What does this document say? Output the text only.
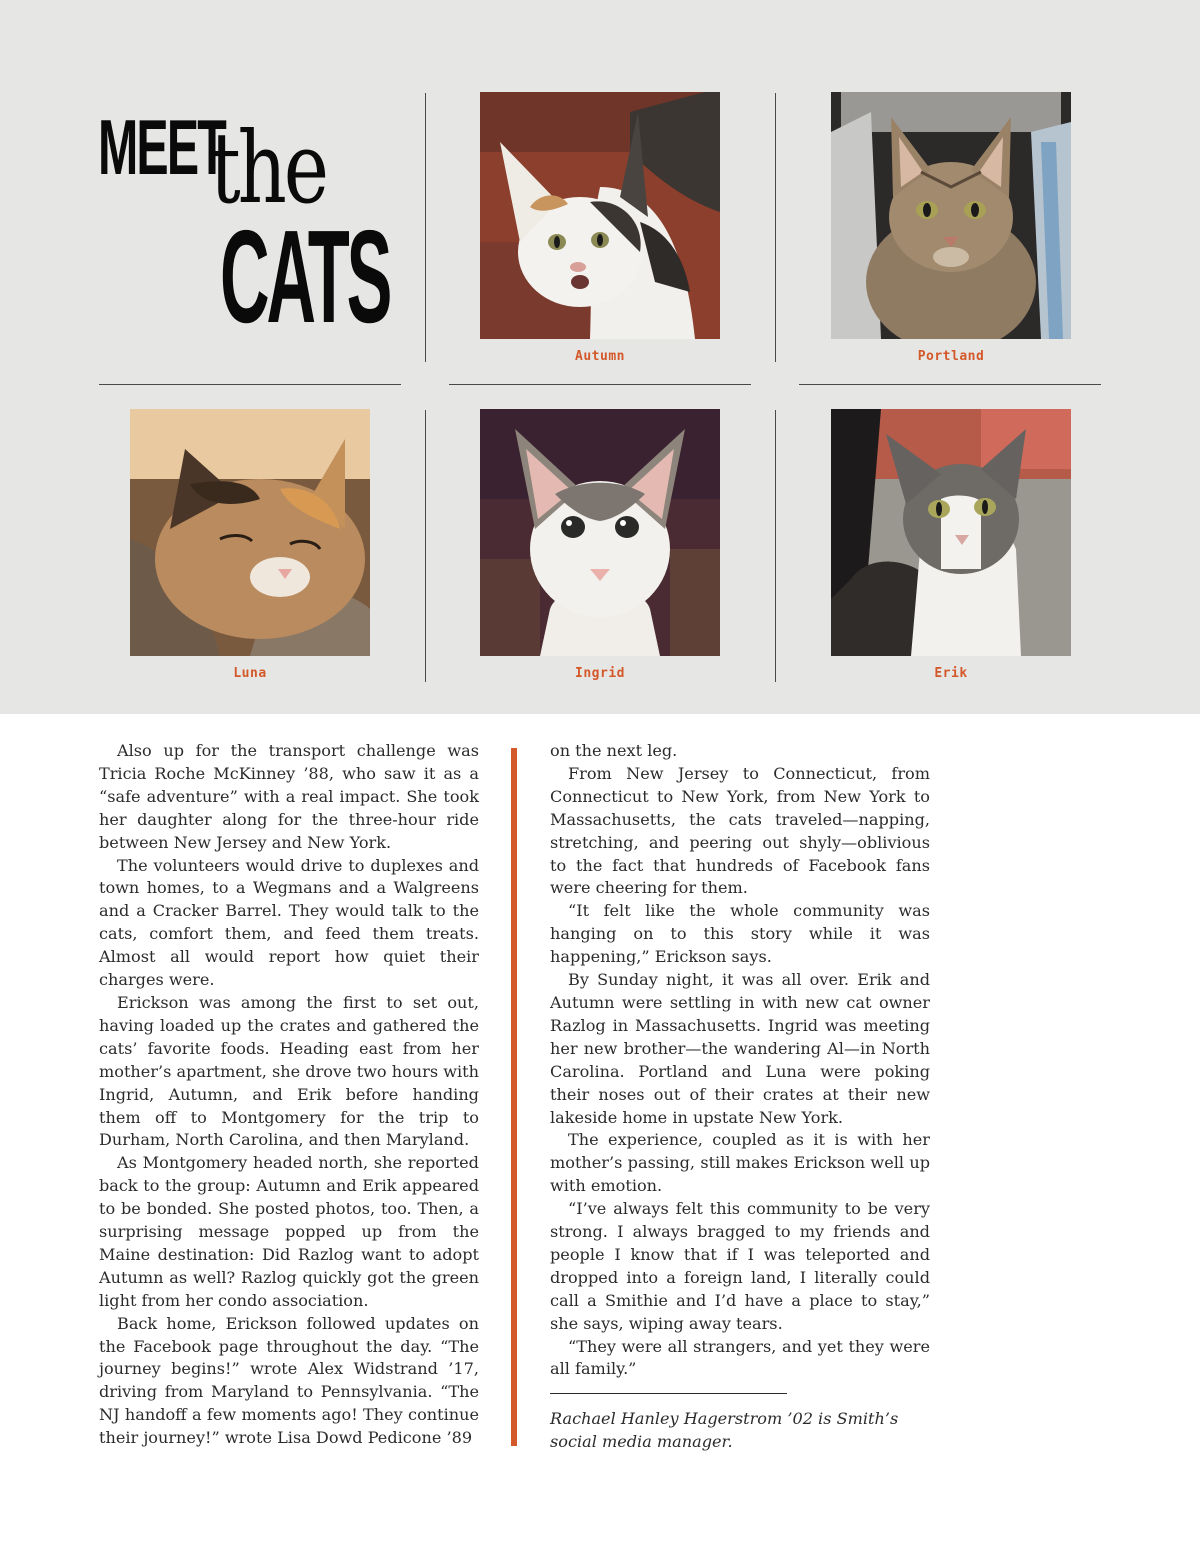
MEET
the
CATS
Autumn	Portland
Luna	Ingrid	Erik

Also up for the transport challenge was Tricia Roche McKinney ’88, who saw it as a “safe adventure” with a real impact. She took her daughter along for the three-hour ride between New Jersey and New York.

The volunteers would drive to duplexes and town homes, to a Wegmans and a Walgreens and a Cracker Barrel. They would talk to the cats, comfort them, and feed them treats. Almost all would report how quiet their charges were.

Erickson was among the first to set out, having loaded up the crates and gathered the cats’ favorite foods. Heading east from her mother’s apartment, she drove two hours with Ingrid, Autumn, and Erik before handing them off to Montgomery for the trip to Durham, North Carolina, and then Maryland.

As Montgomery headed north, she reported back to the group: Autumn and Erik appeared to be bonded. She posted photos, too. Then, a surprising message popped up from the Maine destination: Did Razlog want to adopt Autumn as well? Razlog quickly got the green light from her condo association.

Back home, Erickson followed updates on the Facebook page throughout the day. “The journey begins!” wrote Alex Widstrand ’17, driving from Maryland to Pennsylvania. “The NJ handoff a few moments ago! They continue their journey!” wrote Lisa Dowd Pedicone ’89

on the next leg.

From New Jersey to Connecticut, from Connecticut to New York, from New York to Massachusetts, the cats traveled—napping, stretching, and peering out shyly—oblivious to the fact that hundreds of Facebook fans were cheering for them.

“It felt like the whole community was hanging on to this story while it was happening,” Erickson says.

By Sunday night, it was all over. Erik and Autumn were settling in with new cat owner Razlog in Massachusetts. Ingrid was meeting her new brother—the wandering Al—in North Carolina. Portland and Luna were poking their noses out of their crates at their new lakeside home in upstate New York.

The experience, coupled as it is with her mother’s passing, still makes Erickson well up with emotion.

“I’ve always felt this community to be very strong. I always bragged to my friends and people I know that if I was teleported and dropped into a foreign land, I literally could call a Smithie and I’d have a place to stay,” she says, wiping away tears.

“They were all strangers, and yet they were all family.”

Rachael Hanley Hagerstrom ’02 is Smith’s social media manager.
